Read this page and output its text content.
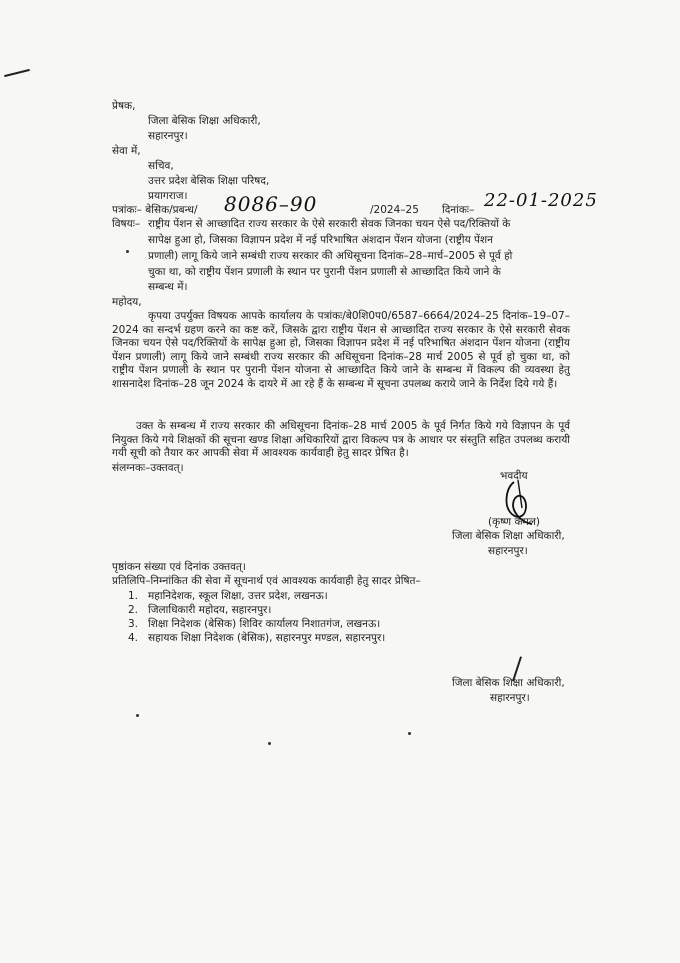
प्रेषक,
जिला बेसिक शिक्षा अधिकारी,
सहारनपुर।
सेवा में,
सचिव,
उत्तर प्रदेश बेसिक शिक्षा परिषद,
प्रयागराज।
पत्रांकः– बेसिक/प्रबन्ध/ 8086–90	/2024–25 दिनांकः– 22-01-2025
विषयः– राष्ट्रीय पेंशन से आच्छादित राज्य सरकार के ऐसे सरकारी सेवक जिनका चयन ऐसे पद/रिक्तियों के
सापेक्ष हुआ हो, जिसका विज्ञापन प्रदेश में नई परिभाषित अंशदान पेंशन योजना (राष्ट्रीय पेंशन
प्रणाली) लागू किये जाने सम्बंधी राज्य सरकार की अधिसूचना दिनांक–28–मार्च–2005 से पूर्व हो
चुका था, को राष्ट्रीय पेंशन प्रणाली के स्थान पर पुरानी पेंशन प्रणाली से आच्छादित किये जाने के
सम्बन्ध में।
महोदय,
कृपया उपर्युक्त विषयक आपके कार्यालय के पत्रांकः/बे0शि0प0/6587–6664/2024–25 दिनांक–19–07–2024 का सन्दर्भ ग्रहण करने का कष्ट करें, जिसके द्वारा राष्ट्रीय पेंशन से आच्छादित राज्य सरकार के ऐसे सरकारी सेवक जिनका चयन ऐसे पद/रिक्तियों के सापेक्ष हुआ हो, जिसका विज्ञापन प्रदेश में नई परिभाषित अंशदान पेंशन योजना (राष्ट्रीय पेंशन प्रणाली) लागू किये जाने सम्बंधी राज्य सरकार की अधिसूचना दिनांक–28 मार्च 2005 से पूर्व हो चुका था, को राष्ट्रीय पेंशन प्रणाली के स्थान पर पुरानी पेंशन योजना से आच्छादित किये जाने के सम्बन्ध में विकल्प की व्यवस्था हेतु शासनादेश दिनांक–28 जून 2024 के दायरे में आ रहे हैं के सम्बन्ध में सूचना उपलब्ध कराये जाने के निर्देश दिये गये हैं।
उक्त के सम्बन्ध में राज्य सरकार की अधिसूचना दिनांक–28 मार्च 2005 के पूर्व निर्गत किये गये विज्ञापन के पूर्व नियुक्त किये गये शिक्षकों की सूचना खण्ड शिक्षा अधिकारियों द्वारा विकल्प पत्र के आधार पर संस्तुति सहित उपलब्ध करायी गयी सूची को तैयार कर आपकी सेवा में आवश्यक कार्यवाही हेतु सादर प्रेषित है।
संलग्नकः–उक्तवत्।
भवदीय
(कृष्ण कमल)
जिला बेसिक शिक्षा अधिकारी,
सहारनपुर।
पृष्ठांकन संख्या एवं दिनांक उक्तवत्।
प्रतिलिपि–निम्नांकित की सेवा में सूचनार्थ एवं आवश्यक कार्यवाही हेतु सादर प्रेषित–
1. महानिदेशक, स्कूल शिक्षा, उत्तर प्रदेश, लखनऊ।
2. जिलाधिकारी महोदय, सहारनपुर।
3. शिक्षा निदेशक (बेसिक) शिविर कार्यालय निशातगंज, लखनऊ।
4. सहायक शिक्षा निदेशक (बेसिक), सहारनपुर मण्डल, सहारनपुर।
जिला बेसिक शिक्षा अधिकारी,
सहारनपुर।
